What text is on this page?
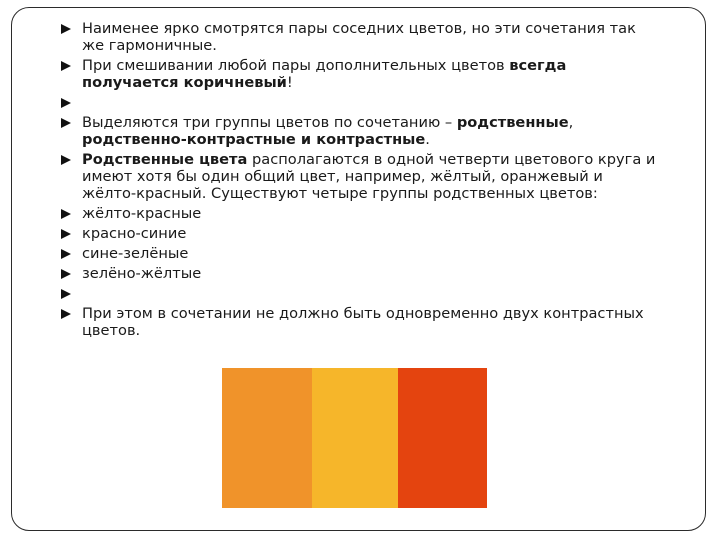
Наименее ярко смотрятся пары соседних цветов, но эти сочетания так же гармоничные.
При смешивании любой пары дополнительных цветов всегда получается коричневый!
Выделяются три группы цветов по сочетанию – родственные, родственно-контрастные и контрастные.
Родственные цвета располагаются в одной четверти цветового круга и имеют хотя бы один общий цвет, например, жёлтый, оранжевый и жёлто-красный. Существуют четыре группы родственных цветов:
жёлто-красные
красно-синие
сине-зелёные
зелёно-жёлтые
При этом в сочетании не должно быть одновременно двух контрастных цветов.
